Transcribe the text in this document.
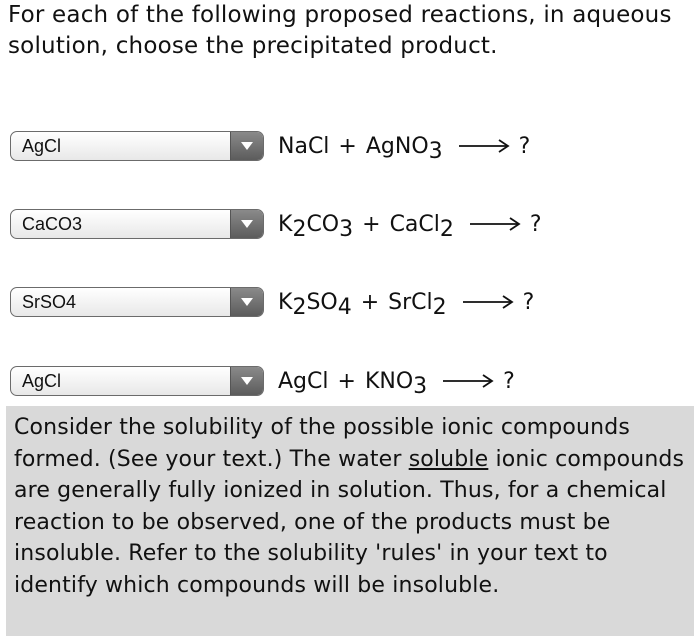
For each of the following proposed reactions, in aqueous solution, choose the precipitated product.
AgCl	NaCl + AgNO$_3$	?
CaCO3	$K_2CO_3$ + CaCl$_2$	?
SrSO4	$K_2SO_4$ + SrCl$_2$	?
AgCl	AgCl + $KNO_3$	?
Consider the solubility of the possible ionic compounds formed. (See your text.) The water soluble ionic compounds are generally fully ionized in solution. Thus, for a chemical reaction to be observed, one of the products must be insoluble. Refer to the solubility 'rules' in your text to identify which compounds will be insoluble.
